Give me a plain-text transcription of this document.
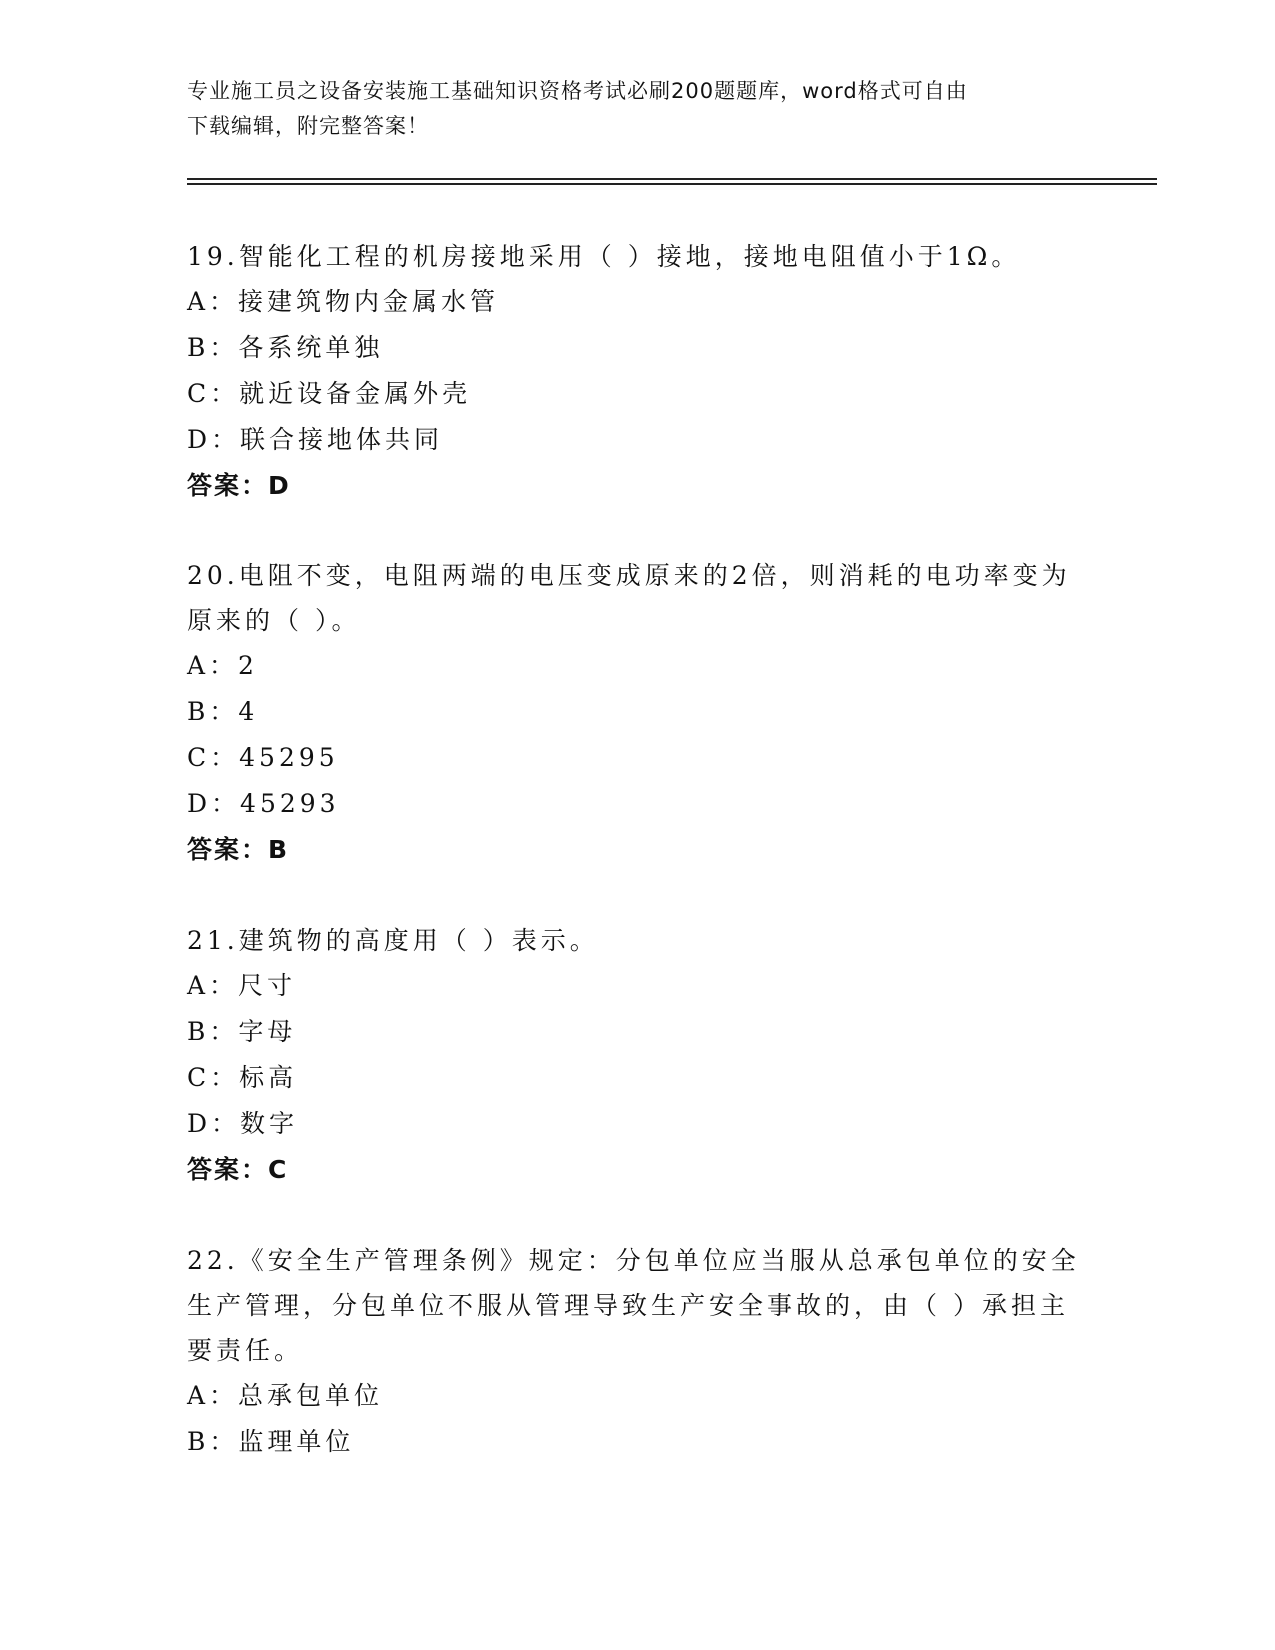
专业施工员之设备安装施工基础知识资格考试必刷200题题库，word格式可自由
下载编辑，附完整答案！
19.智能化工程的机房接地采用（ ）接地，接地电阻值小于1Ω。
A：接建筑物内金属水管
B：各系统单独
C：就近设备金属外壳
D：联合接地体共同
答案：D
20.电阻不变，电阻两端的电压变成原来的2倍，则消耗的电功率变为
原来的（ ）。
A：2
B：4
C：45295
D：45293
答案：B
21.建筑物的高度用（ ）表示。
A：尺寸
B：字母
C：标高
D：数字
答案：C
22.《安全生产管理条例》规定：分包单位应当服从总承包单位的安全
生产管理，分包单位不服从管理导致生产安全事故的，由（ ）承担主
要责任。
A：总承包单位
B：监理单位
